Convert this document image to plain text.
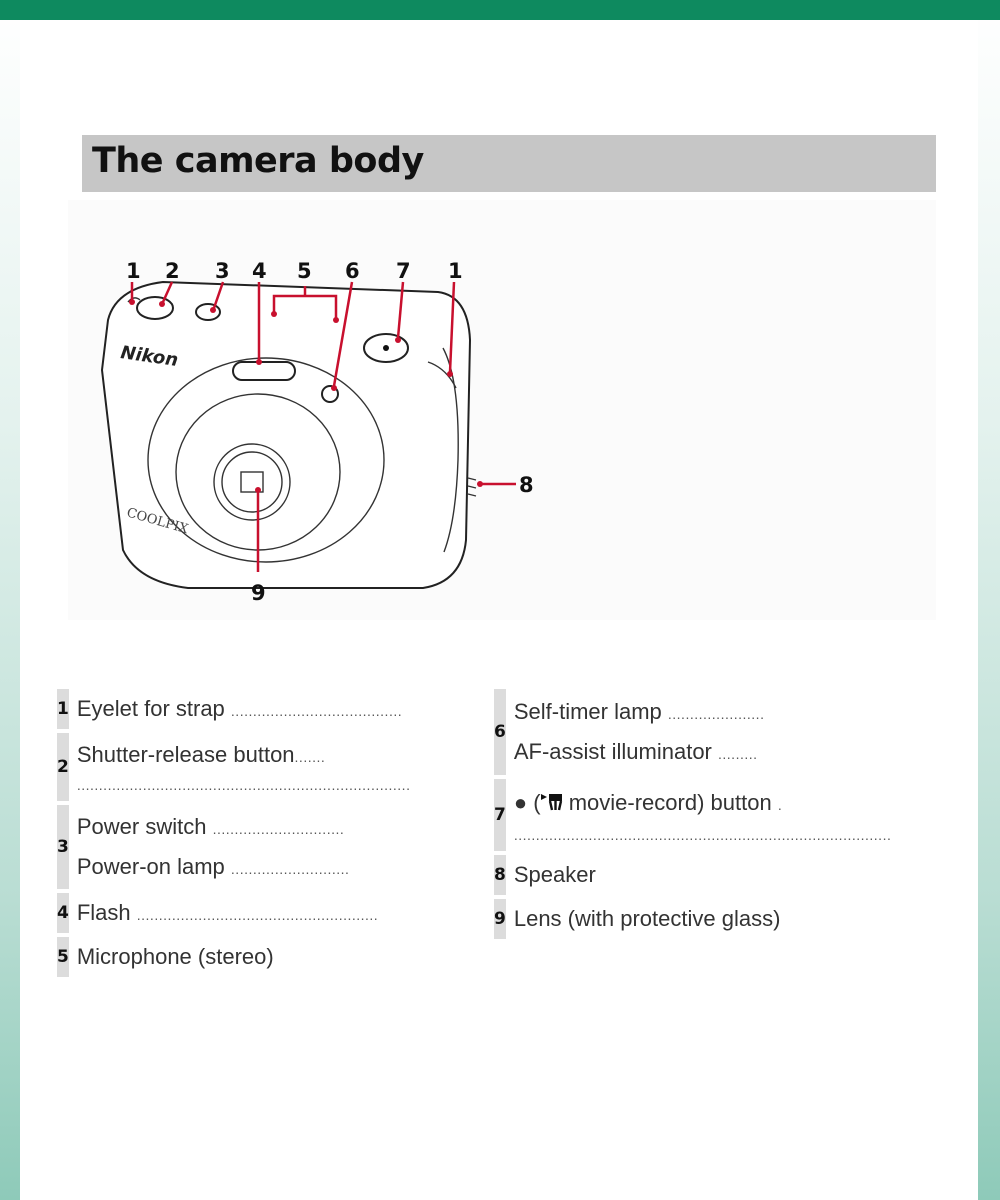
The camera body
Nikon
COOLPIX
1 2 3 4 5 6 7 1
8
9
1	Eyelet for strap .......................................

2	Shutter-release button.......
............................................................................

3	Power switch ..............................
Power-on lamp ...........................

4	Flash .......................................................

5	Microphone (stereo)
6	Self-timer lamp ......................
AF-assist illuminator .........

7	● ( movie-record) button .
......................................................................................

8	Speaker

9	Lens (with protective glass)
